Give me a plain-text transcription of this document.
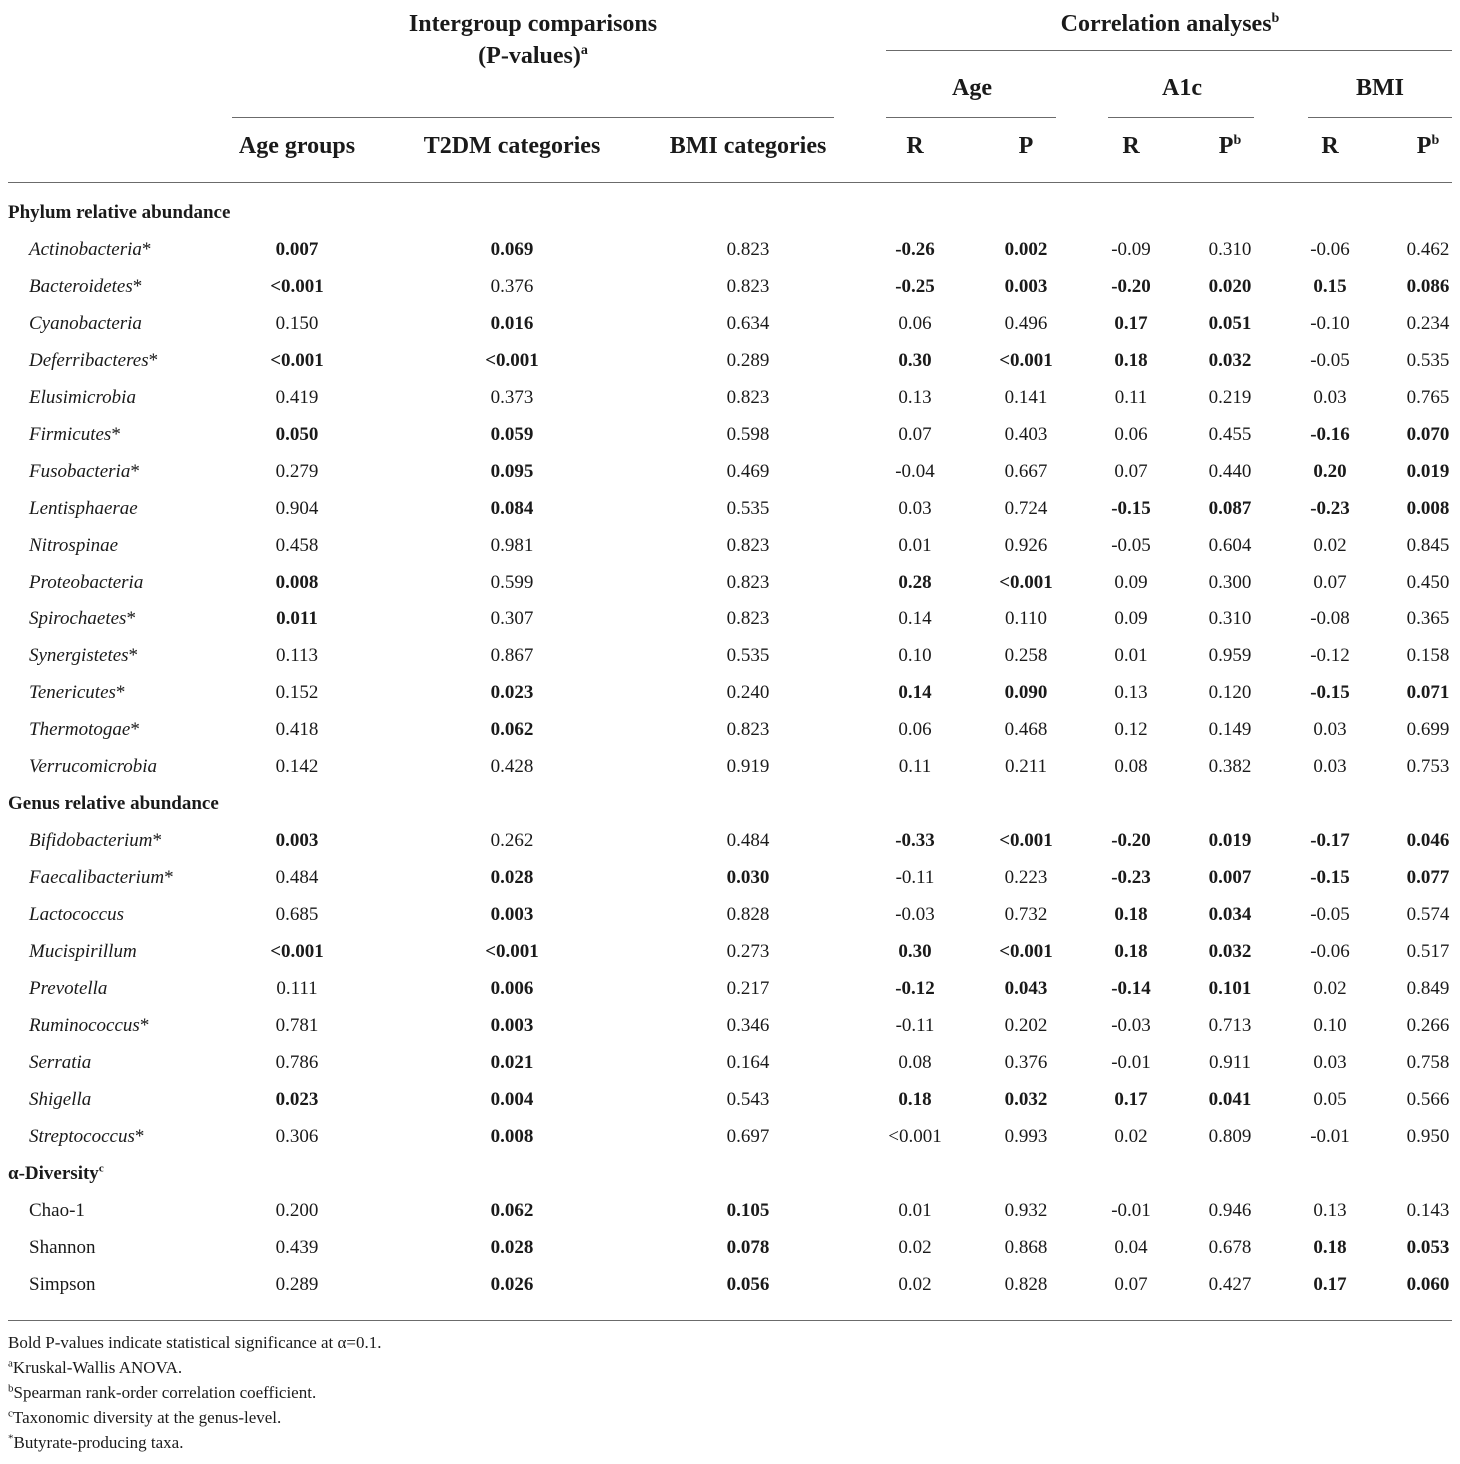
Intergroup comparisons
(P-values)$^a$
Correlation analyses$^b$
Age	A1c	BMI
Age groups	T2DM categories	BMI categories	R	P	R	$P^b$	R	$P^b$
Phylum relative abundance
Actinobacteria*	0.007	0.069	0.823	-0.26	0.002	-0.09	0.310	-0.06	0.462
Bacteroidetes*	<0.001	0.376	0.823	-0.25	0.003	-0.20	0.020	0.15	0.086
Cyanobacteria	0.150	0.016	0.634	0.06	0.496	0.17	0.051	-0.10	0.234
Deferribacteres*	<0.001	<0.001	0.289	0.30	<0.001	0.18	0.032	-0.05	0.535
Elusimicrobia	0.419	0.373	0.823	0.13	0.141	0.11	0.219	0.03	0.765
Firmicutes*	0.050	0.059	0.598	0.07	0.403	0.06	0.455	-0.16	0.070
Fusobacteria*	0.279	0.095	0.469	-0.04	0.667	0.07	0.440	0.20	0.019
Lentisphaerae	0.904	0.084	0.535	0.03	0.724	-0.15	0.087	-0.23	0.008
Nitrospinae	0.458	0.981	0.823	0.01	0.926	-0.05	0.604	0.02	0.845
Proteobacteria	0.008	0.599	0.823	0.28	<0.001	0.09	0.300	0.07	0.450
Spirochaetes*	0.011	0.307	0.823	0.14	0.110	0.09	0.310	-0.08	0.365
Synergistetes*	0.113	0.867	0.535	0.10	0.258	0.01	0.959	-0.12	0.158
Tenericutes*	0.152	0.023	0.240	0.14	0.090	0.13	0.120	-0.15	0.071
Thermotogae*	0.418	0.062	0.823	0.06	0.468	0.12	0.149	0.03	0.699
Verrucomicrobia	0.142	0.428	0.919	0.11	0.211	0.08	0.382	0.03	0.753
Genus relative abundance
Bifidobacterium*	0.003	0.262	0.484	-0.33	<0.001	-0.20	0.019	-0.17	0.046
Faecalibacterium*	0.484	0.028	0.030	-0.11	0.223	-0.23	0.007	-0.15	0.077
Lactococcus	0.685	0.003	0.828	-0.03	0.732	0.18	0.034	-0.05	0.574
Mucispirillum	<0.001	<0.001	0.273	0.30	<0.001	0.18	0.032	-0.06	0.517
Prevotella	0.111	0.006	0.217	-0.12	0.043	-0.14	0.101	0.02	0.849
Ruminococcus*	0.781	0.003	0.346	-0.11	0.202	-0.03	0.713	0.10	0.266
Serratia	0.786	0.021	0.164	0.08	0.376	-0.01	0.911	0.03	0.758
Shigella	0.023	0.004	0.543	0.18	0.032	0.17	0.041	0.05	0.566
Streptococcus*	0.306	0.008	0.697	<0.001	0.993	0.02	0.809	-0.01	0.950
α-Diversity$^c$
Chao-1	0.200	0.062	0.105	0.01	0.932	-0.01	0.946	0.13	0.143
Shannon	0.439	0.028	0.078	0.02	0.868	0.04	0.678	0.18	0.053
Simpson	0.289	0.026	0.056	0.02	0.828	0.07	0.427	0.17	0.060
Bold P-values indicate statistical significance at α=0.1.
$^a$Kruskal-Wallis ANOVA.
$^b$Spearman rank-order correlation coefficient.
$^c$Taxonomic diversity at the genus-level.
*Butyrate-producing taxa.
